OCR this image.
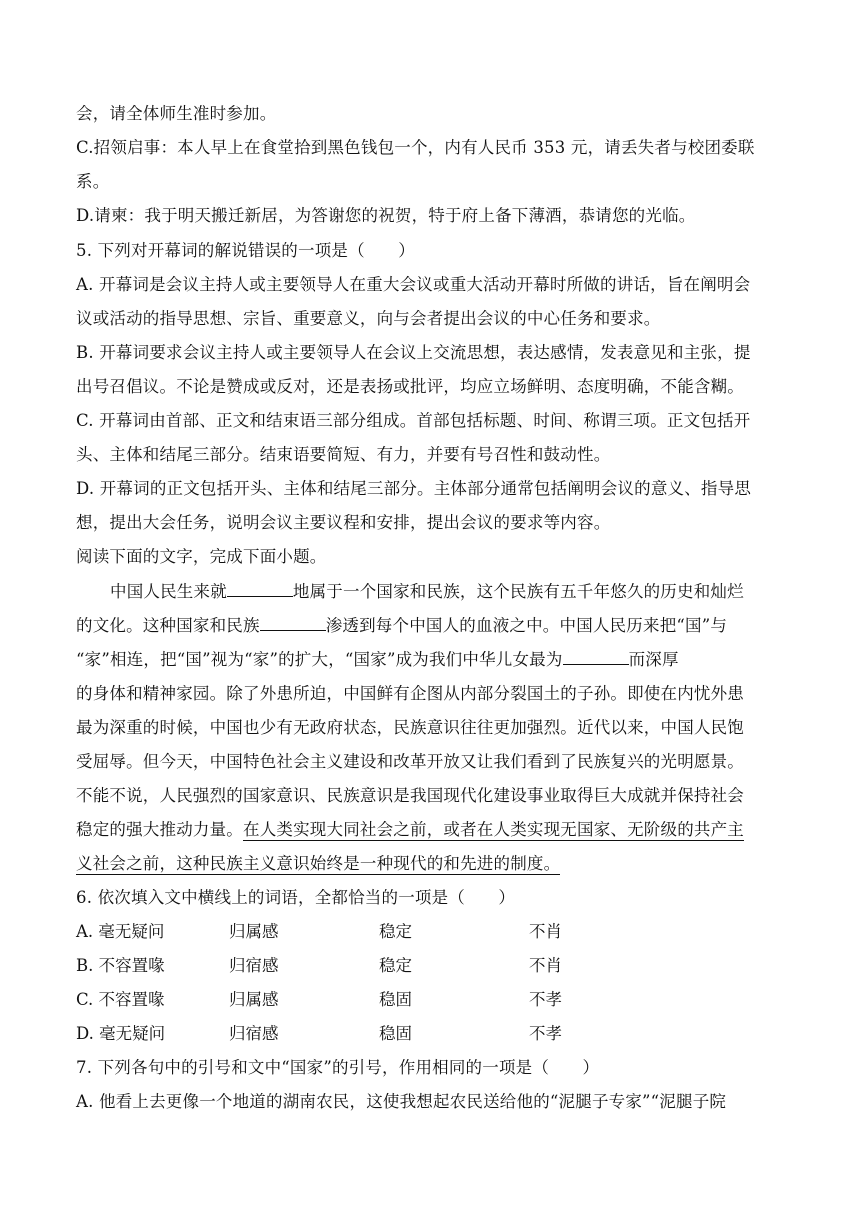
会，请全体师生准时参加。
C.招领启事：本人早上在食堂拾到黑色钱包一个，内有人民币 353 元，请丢失者与校团委联
系。
D.请柬：我于明天搬迁新居，为答谢您的祝贺，特于府上备下薄酒，恭请您的光临。
5. 下列对开幕词的解说错误的一项是（　　）
A. 开幕词是会议主持人或主要领导人在重大会议或重大活动开幕时所做的讲话，旨在阐明会
议或活动的指导思想、宗旨、重要意义，向与会者提出会议的中心任务和要求。
B. 开幕词要求会议主持人或主要领导人在会议上交流思想，表达感情，发表意见和主张，提
出号召倡议。不论是赞成或反对，还是表扬或批评，均应立场鲜明、态度明确，不能含糊。
C. 开幕词由首部、正文和结束语三部分组成。首部包括标题、时间、称谓三项。正文包括开
头、主体和结尾三部分。结束语要简短、有力，并要有号召性和鼓动性。
D. 开幕词的正文包括开头、主体和结尾三部分。主体部分通常包括阐明会议的意义、指导思
想，提出大会任务，说明会议主要议程和安排，提出会议的要求等内容。
阅读下面的文字，完成下面小题。
中国人民生来就	地属于一个国家和民族，这个民族有五千年悠久的历史和灿烂
的文化。这种国家和民族	渗透到每个中国人的血液之中。中国人民历来把“国”与
“家”相连，把“国”视为“家”的扩大，“国家”成为我们中华儿女最为	而深厚
的身体和精神家园。除了外患所迫，中国鲜有企图从内部分裂国土的子孙。即使在内忧外患
最为深重的时候，中国也少有无政府状态，民族意识往往更加强烈。近代以来，中国人民饱
受屈辱。但今天，中国特色社会主义建设和改革开放又让我们看到了民族复兴的光明愿景。
不能不说，人民强烈的国家意识、民族意识是我国现代化建设事业取得巨大成就并保持社会
稳定的强大推动力量。在人类实现大同社会之前，或者在人类实现无国家、无阶级的共产主
义社会之前，这种民族主义意识始终是一种现代的和先进的制度。
6. 依次填入文中横线上的词语，全都恰当的一项是（　　）
A. 毫无疑问	归属感	稳定	不肖
B. 不容置喙	归宿感	稳定	不肖
C. 不容置喙	归属感	稳固	不孝
D. 毫无疑问	归宿感	稳固	不孝
7. 下列各句中的引号和文中“国家”的引号，作用相同的一项是（　　）
A. 他看上去更像一个地道的湖南农民，这使我想起农民送给他的“泥腿子专家”“泥腿子院
